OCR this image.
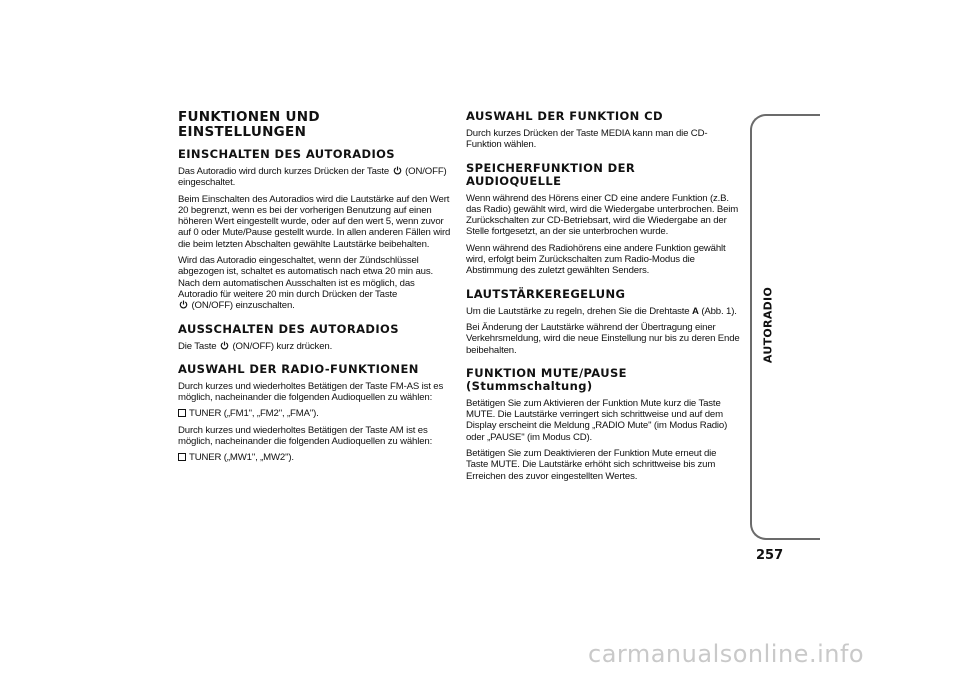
FUNKTIONEN UND EINSTELLUNGEN
EINSCHALTEN DES AUTORADIOS
Das Autoradio wird durch kurzes Drücken der Taste (ON/OFF) eingeschaltet.
Beim Einschalten des Autoradios wird die Lautstärke auf den Wert 20 begrenzt, wenn es bei der vorherigen Benutzung auf einen höheren Wert eingestellt wurde, oder auf den wert 5, wenn zuvor auf 0 oder Mute/Pause gestellt wurde. In allen anderen Fällen wird die beim letzten Abschalten gewählte Lautstärke beibehalten.
Wird das Autoradio eingeschaltet, wenn der Zündschlüssel abgezogen ist, schaltet es automatisch nach etwa 20 min aus. Nach dem automatischen Ausschalten ist es möglich, das Autoradio für weitere 20 min durch Drücken der Taste
(ON/OFF) einzuschalten.
AUSSCHALTEN DES AUTORADIOS
Die Taste (ON/OFF) kurz drücken.
AUSWAHL DER RADIO-FUNKTIONEN
Durch kurzes und wiederholtes Betätigen der Taste FM-AS ist es möglich, nacheinander die folgenden Audioquellen zu wählen:
TUNER („FM1", „FM2", „FMA").
Durch kurzes und wiederholtes Betätigen der Taste AM ist es möglich, nacheinander die folgenden Audioquellen zu wählen:
TUNER („MW1", „MW2").
AUSWAHL DER FUNKTION CD
Durch kurzes Drücken der Taste MEDIA kann man die CD-Funktion wählen.
SPEICHERFUNKTION DER AUDIOQUELLE
Wenn während des Hörens einer CD eine andere Funktion (z.B. das Radio) gewählt wird, wird die Wiedergabe unterbrochen. Beim Zurückschalten zur CD-Betriebsart, wird die Wiedergabe an der Stelle fortgesetzt, an der sie unterbrochen wurde.
Wenn während des Radiohörens eine andere Funktion gewählt wird, erfolgt beim Zurückschalten zum Radio-Modus die Abstimmung des zuletzt gewählten Senders.
LAUTSTÄRKEREGELUNG
Um die Lautstärke zu regeln, drehen Sie die Drehtaste A (Abb. 1).
Bei Änderung der Lautstärke während der Übertragung einer Verkehrsmeldung, wird die neue Einstellung nur bis zu deren Ende beibehalten.
FUNKTION MUTE/PAUSE (Stummschaltung)
Betätigen Sie zum Aktivieren der Funktion Mute kurz die Taste MUTE. Die Lautstärke verringert sich schrittweise und auf dem Display erscheint die Meldung „RADIO Mute" (im Modus Radio) oder „PAUSE" (im Modus CD).
Betätigen Sie zum Deaktivieren der Funktion Mute erneut die Taste MUTE. Die Lautstärke erhöht sich schrittweise bis zum Erreichen des zuvor eingestellten Wertes.
AUTORADIO
257
carmanualsonline.info
